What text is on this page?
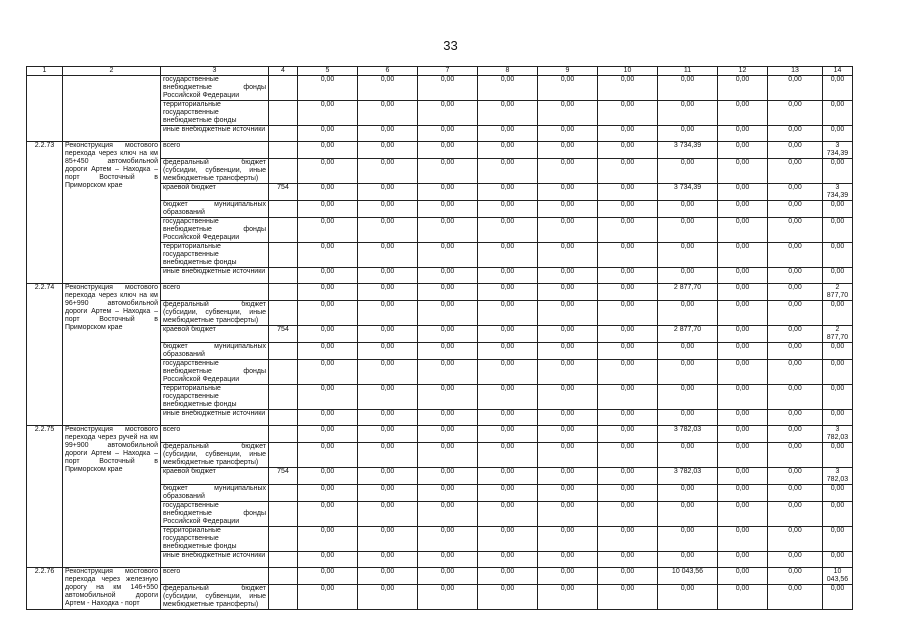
33
1	2	3	4	5	6	7	8	9	10	11	12	13	14
		государственные внебюджетные фонды Российской Федерации		0,00	0,00	0,00	0,00	0,00	0,00	0,00	0,00	0,00	0,00
		территориальные государственные внебюджетные фонды		0,00	0,00	0,00	0,00	0,00	0,00	0,00	0,00	0,00	0,00
		иные внебюджетные источники		0,00	0,00	0,00	0,00	0,00	0,00	0,00	0,00	0,00	0,00
2.2.73	Реконструкция мостового перехода через ключ на км 85+450 автомобильной дороги Артем – Находка – порт Восточный в Приморском крае	всего		0,00	0,00	0,00	0,00	0,00	0,00	3 734,39	0,00	0,00	3 734,39
		федеральный бюджет (субсидии, субвенции, иные межбюджетные трансферты)		0,00	0,00	0,00	0,00	0,00	0,00	0,00	0,00	0,00	0,00
		краевой бюджет	754	0,00	0,00	0,00	0,00	0,00	0,00	3 734,39	0,00	0,00	3 734,39
		бюджет муниципальных образований		0,00	0,00	0,00	0,00	0,00	0,00	0,00	0,00	0,00	0,00
		государственные внебюджетные фонды Российской Федерации		0,00	0,00	0,00	0,00	0,00	0,00	0,00	0,00	0,00	0,00
		территориальные государственные внебюджетные фонды		0,00	0,00	0,00	0,00	0,00	0,00	0,00	0,00	0,00	0,00
		иные внебюджетные источники		0,00	0,00	0,00	0,00	0,00	0,00	0,00	0,00	0,00	0,00
2.2.74	Реконструкция мостового перехода через ключ на км 96+990 автомобильной дороги Артем – Находка – порт Восточный в Приморском крае	всего		0,00	0,00	0,00	0,00	0,00	0,00	2 877,70	0,00	0,00	2 877,70
		федеральный бюджет (субсидии, субвенции, иные межбюджетные трансферты)		0,00	0,00	0,00	0,00	0,00	0,00	0,00	0,00	0,00	0,00
		краевой бюджет	754	0,00	0,00	0,00	0,00	0,00	0,00	2 877,70	0,00	0,00	2 877,70
		бюджет муниципальных образований		0,00	0,00	0,00	0,00	0,00	0,00	0,00	0,00	0,00	0,00
		государственные внебюджетные фонды Российской Федерации		0,00	0,00	0,00	0,00	0,00	0,00	0,00	0,00	0,00	0,00
		территориальные государственные внебюджетные фонды		0,00	0,00	0,00	0,00	0,00	0,00	0,00	0,00	0,00	0,00
		иные внебюджетные источники		0,00	0,00	0,00	0,00	0,00	0,00	0,00	0,00	0,00	0,00
2.2.75	Реконструкция мостового перехода через ручей на км 99+900 автомобильной дороги Артем – Находка – порт Восточный в Приморском крае	всего		0,00	0,00	0,00	0,00	0,00	0,00	3 782,03	0,00	0,00	3 782,03
		федеральный бюджет (субсидии, субвенции, иные межбюджетные трансферты)		0,00	0,00	0,00	0,00	0,00	0,00	0,00	0,00	0,00	0,00
		краевой бюджет	754	0,00	0,00	0,00	0,00	0,00	0,00	3 782,03	0,00	0,00	3 782,03
		бюджет муниципальных образований		0,00	0,00	0,00	0,00	0,00	0,00	0,00	0,00	0,00	0,00
		государственные внебюджетные фонды Российской Федерации		0,00	0,00	0,00	0,00	0,00	0,00	0,00	0,00	0,00	0,00
		территориальные государственные внебюджетные фонды		0,00	0,00	0,00	0,00	0,00	0,00	0,00	0,00	0,00	0,00
		иные внебюджетные источники		0,00	0,00	0,00	0,00	0,00	0,00	0,00	0,00	0,00	0,00
2.2.76	Реконструкция мостового перехода через железную дорогу на км 146+550 автомобильной дороги Артем - Находка - порт	всего		0,00	0,00	0,00	0,00	0,00	0,00	10 043,56	0,00	0,00	10 043,56
		федеральный бюджет (субсидии, субвенции, иные межбюджетные трансферты)		0,00	0,00	0,00	0,00	0,00	0,00	0,00	0,00	0,00	0,00
